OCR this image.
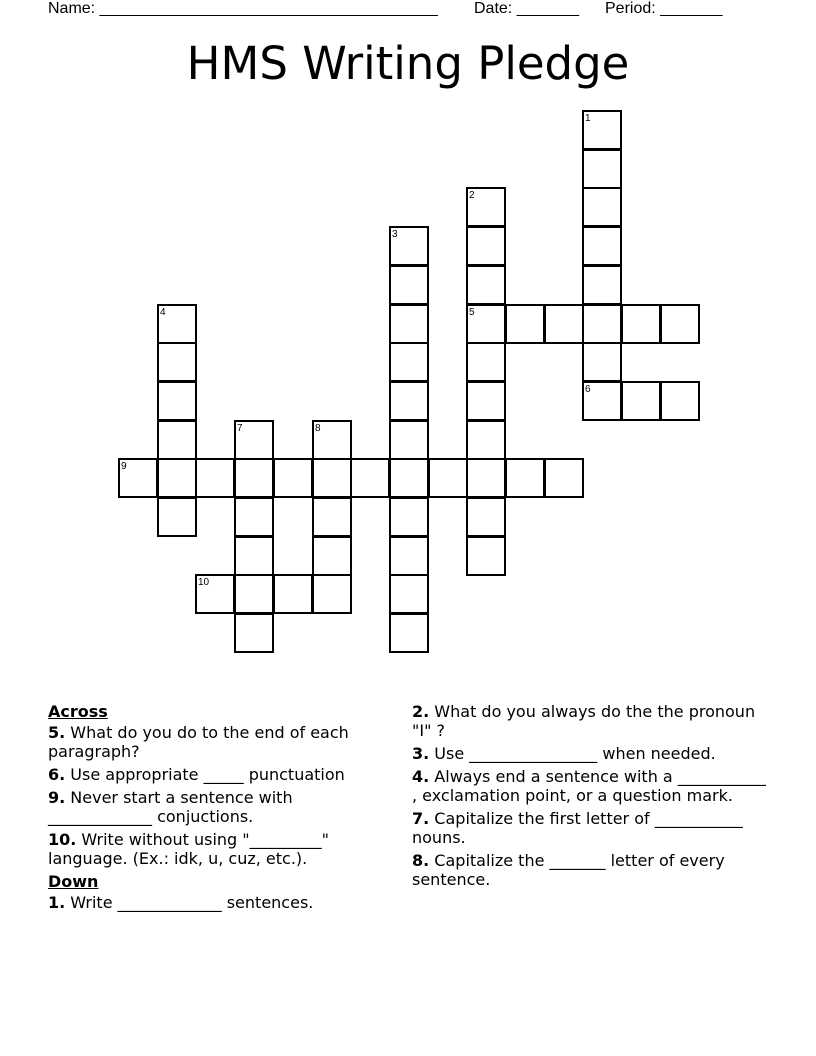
Name: ______________________________________ Date: _______ Period: _______
HMS Writing Pledge
1
6
2
5
3
4
7	8
9
10
Across
5. What do you do to the end of each paragraph?
6. Use appropriate _____ punctuation
9. Never start a sentence with _____________ conjuctions.
10. Write without using "_________" language. (Ex.: idk, u, cuz, etc.).
Down
1. Write _____________ sentences.
2. What do you always do the the pronoun "I" ?
3. Use ________________ when needed.
4. Always end a sentence with a ___________ , exclamation point, or a question mark.
7. Capitalize the first letter of ___________ nouns.
8. Capitalize the _______ letter of every sentence.
